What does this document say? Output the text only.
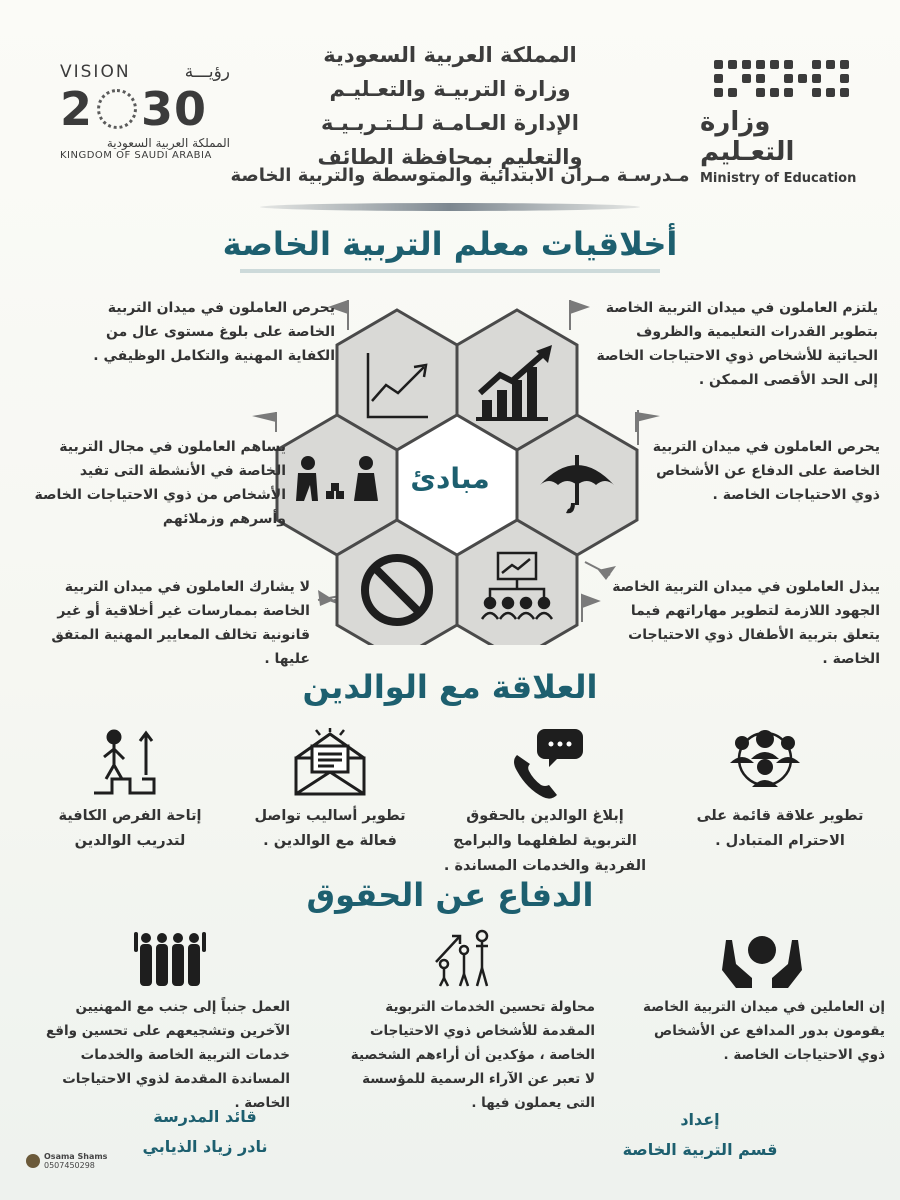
المملكة العربية السعودية
وزارة التربيـة والتعـليـم
الإدارة العـامـة لـلـتـربـيـة
والتعليم بمحافظة الطائف
مـدرسـة مـران الابتدائية والمتوسطة والتربية الخاصة
وزارة التعـليم
Ministry of Education
VISION	رؤيـــة
2 30
المملكة العربية السعودية
KINGDOM OF SAUDI ARABIA
أخلاقيات معلم التربية الخاصة
مبادئ
يلتزم العاملون في ميدان التربية الخاصة بتطوير القدرات التعليمية والظروف الحياتية للأشخاص ذوي الاحتياجات الخاصة إلى الحد الأقصى الممكن .
يحرص العاملون في ميدان التربية الخاصة على بلوغ مستوى عال من الكفاية المهنية والتكامل الوظيفي .
يحرص العاملون في ميدان التربية الخاصة على الدفاع عن الأشخاص ذوي الاحتياجات الخاصة .
يساهم العاملون في مجال التربية الخاصة في الأنشطة التى تفيد الأشخاص من ذوي الاحتياجات الخاصة وأسرهم وزملائهم
يبذل العاملون في ميدان التربية الخاصة الجهود اللازمة لتطوير مهاراتهم فيما يتعلق بتربية الأطفال ذوي الاحتياجات الخاصة .
لا يشارك العاملون في ميدان التربية الخاصة بممارسات غير أخلاقية أو غير قانونية تخالف المعايير المهنية المتفق عليها .
العلاقة مع الوالدين
تطوير علاقة قائمة على الاحترام المتبادل .
إبلاغ الوالدين بالحقوق التربوية لطفلهما والبرامج الفردية والخدمات المساندة .
تطوير أساليب تواصل فعالة مع الوالدين .
إتاحة الفرص الكافية لتدريب الوالدين
الدفاع عن الحقوق
إن العاملين في ميدان التربية الخاصة يقومون بدور المدافع عن الأشخاص ذوي الاحتياجات الخاصة .
محاولة تحسين الخدمات التربوية المقدمة للأشخاص ذوي الاحتياجات الخاصة ، مؤكدين أن أراءهم الشخصية لا تعبر عن الآراء الرسمية للمؤسسة التى يعملون فيها .
العمل جنباً إلى جنب مع المهنيين الآخرين وتشجيعهم على تحسين واقع خدمات التربية الخاصة والخدمات المساندة المقدمة لذوي الاحتياجات الخاصة .
إعداد
قسم التربية الخاصة
قائد المدرسة
نادر زياد الذيابي
Osama Shams
0507450298
